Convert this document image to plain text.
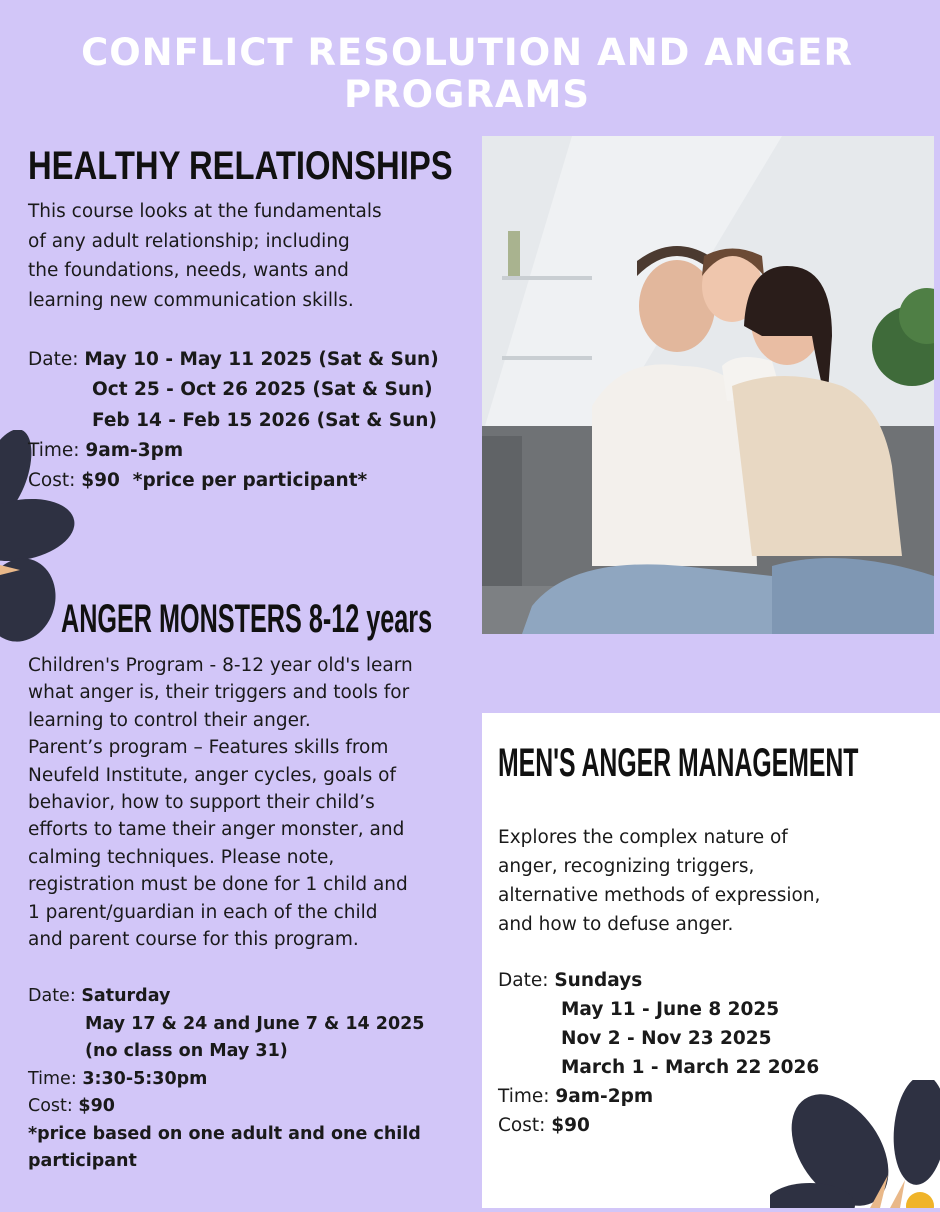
CONFLICT RESOLUTION AND ANGER
PROGRAMS
HEALTHY RELATIONSHIPS
This course looks at the fundamentals
of any adult relationship; including
the foundations, needs, wants and
learning new communication skills.
Date: May 10 - May 11 2025 (Sat & Sun)
Oct 25 - Oct 26 2025 (Sat & Sun)
Feb 14 - Feb 15 2026 (Sat & Sun)
Time: 9am-3pm
Cost: $90  *price per participant*
ANGER MONSTERS 8-12 years
Children's Program - 8-12 year old's learn
what anger is, their triggers and tools for
learning to control their anger.
Parent’s program – Features skills from
Neufeld Institute, anger cycles, goals of
behavior, how to support their child’s
efforts to tame their anger monster, and
calming techniques. Please note,
registration must be done for 1 child and
1 parent/guardian in each of the child
and parent course for this program.
Date: Saturday
May 17 & 24 and June 7 & 14 2025
(no class on May 31)
Time: 3:30-5:30pm
Cost: $90
*price based on one adult and one child
participant
MEN'S ANGER MANAGEMENT
Explores the complex nature of
anger, recognizing triggers,
alternative methods of expression,
and how to defuse anger.
Date: Sundays
May 11 - June 8 2025
Nov 2 - Nov 23 2025
March 1 - March 22 2026
Time: 9am-2pm
Cost: $90
